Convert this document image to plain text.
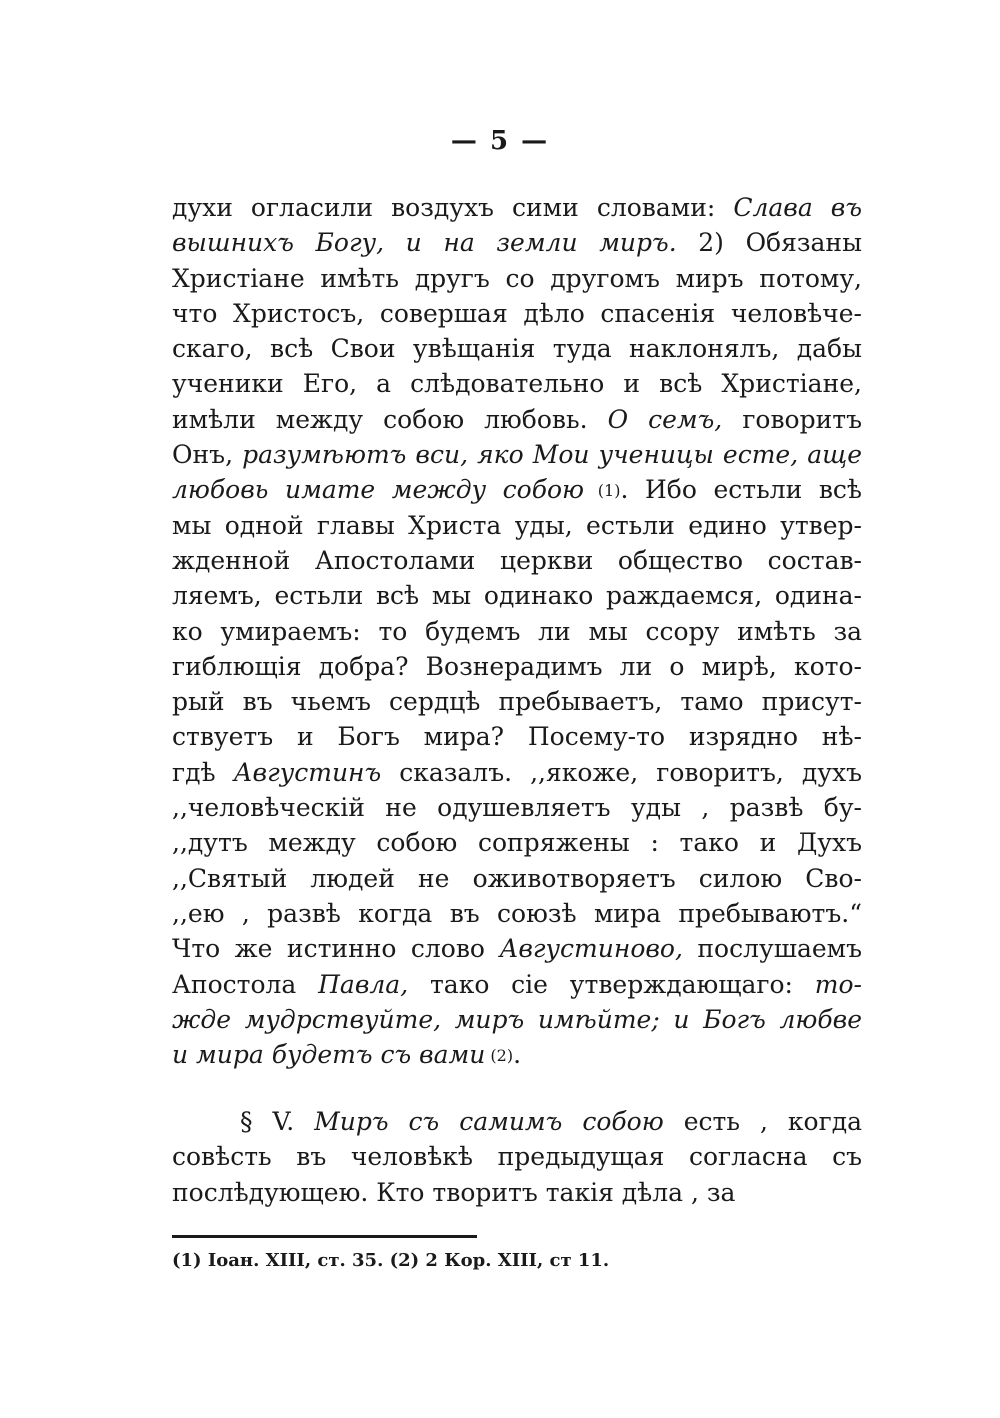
— 5 —
духи огласили воздухъ сими словами: Слава въ
вышнихъ Богу, и на земли миръ. 2) Обязаны
Христіане имѣть другъ со другомъ миръ потому,
что Христосъ, совершая дѣло спасенія человѣче-
скаго, всѣ Свои увѣщанія туда наклонялъ, дабы
ученики Его, а слѣдовательно и всѣ Христіане,
имѣли между собою любовь. О семъ, говоритъ
Онъ, разумѣютъ вси, яко Мои ученицы есте, аще
любовь имате между собою (1). Ибо естьли всѣ
мы одной главы Христа уды, естьли едино утвер-
жденной Апостолами церкви общество состав-
ляемъ, естьли всѣ мы одинако раждаемся, одина-
ко умираемъ: то будемъ ли мы ссору имѣть за
гиблющія добра? Вознерадимъ ли о мирѣ, кото-
рый въ чьемъ сердцѣ пребываетъ, тамо присут-
ствуетъ и Богъ мира? Посему-то изрядно нѣ-
гдѣ Августинъ сказалъ. ,,якоже, говоритъ, духъ
,,человѣческій не одушевляетъ уды , развѣ бу-
,,дутъ между собою сопряжены : тако и Духъ
,,Святый людей не оживотворяетъ силою Сво-
,,ею , развѣ когда въ союзѣ мира пребываютъ.“
Что же истинно слово Августиново, послушаемъ
Апостола Павла, тако сіе утверждающаго: то-
жде мудрствуйте, миръ имѣйте; и Богъ любве
и мира будетъ съ вами (2).
§ V. Миръ съ самимъ собою есть , когда
совѣсть въ человѣкѣ предыдущая согласна съ
послѣдующею. Кто творитъ такія дѣла , за
(1) Іоан. XIII, ст. 35. (2) 2 Кор. XIII, ст 11.
